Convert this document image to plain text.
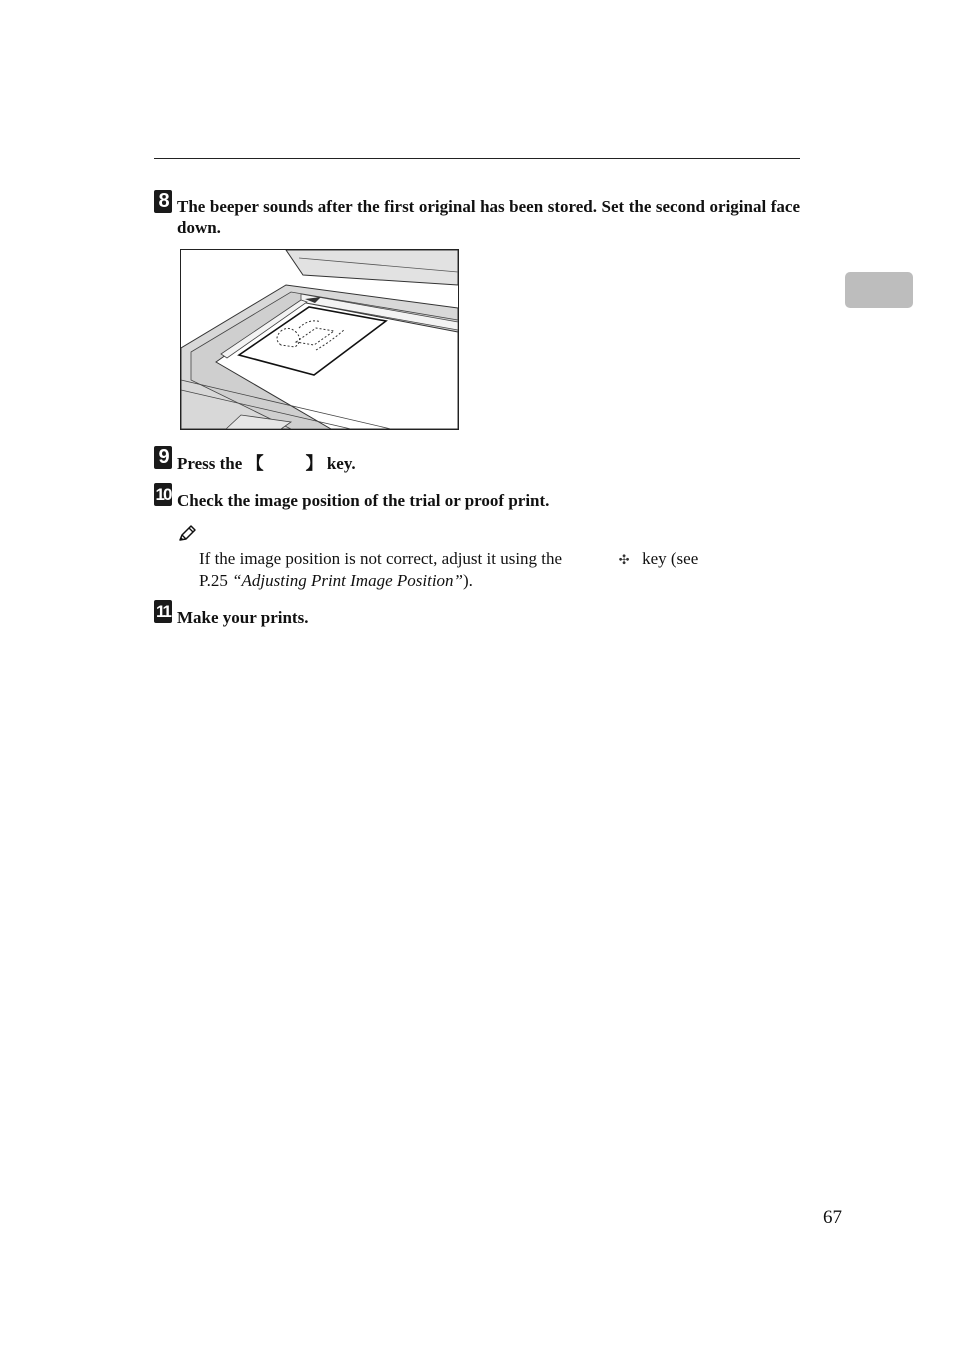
8 The beeper sounds after the first original has been stored. Set the second original face down.
9 Press the 【 】 key.
10 Check the image position of the trial or proof print.
If the image position is not correct, adjust it using the	✣ key (see
P.25 “Adjusting Print Image Position”).
11 Make your prints.
67
